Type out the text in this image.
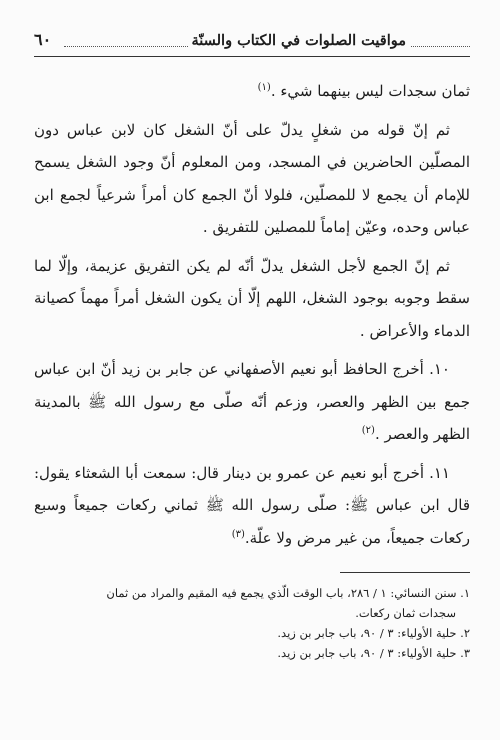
مواقيت الصلوات في الكتاب والسنّة
٦٠

ثمان سجدات ليس بينهما شيء .$^{(١)}$

ثم إنّ قوله من شغلٍ يدلّ على أنّ الشغل كان لابن عباس دون المصلّين الحاضرين في المسجد، ومن المعلوم أنّ وجود الشغل يسمح للإمام أن يجمع لا للمصلّين، فلولا أنّ الجمع كان أمراً شرعياً لجمع ابن عباس وحده، وعيّن إماماً للمصلين للتفريق .

ثم إنّ الجمع لأجل الشغل يدلّ أنّه لم يكن التفريق عزيمة، وإلّا لما سقط وجوبه بوجود الشغل، اللهم إلّا أن يكون الشغل أمراً مهماً كصيانة الدماء والأعراض .

١٠. أخرج الحافظ أبو نعيم الأصفهاني عن جابر بن زيد أنّ ابن عباس جمع بين الظهر والعصر، وزعم أنّه صلّى مع رسول الله ﷺ بالمدينة الظهر والعصر .$^{(٢)}$

١١. أخرج أبو نعيم عن عمرو بن دينار قال: سمعت أبا الشعثاء يقول: قال ابن عباس ﷺ: صلّى رسول الله ﷺ ثماني ركعات جميعاً وسبع ركعات جميعاً، من غير مرض ولا علّة.$^{(٣)}$

١. سنن النسائي: ١ / ٢٨٦، باب الوقت الّذي يجمع فيه المقيم والمراد من ثمان
سجدات ثمان ركعات.
٢. حلية الأولياء: ٣ / ٩٠، باب جابر بن زيد.
٣. حلية الأولياء: ٣ / ٩٠، باب جابر بن زيد.
